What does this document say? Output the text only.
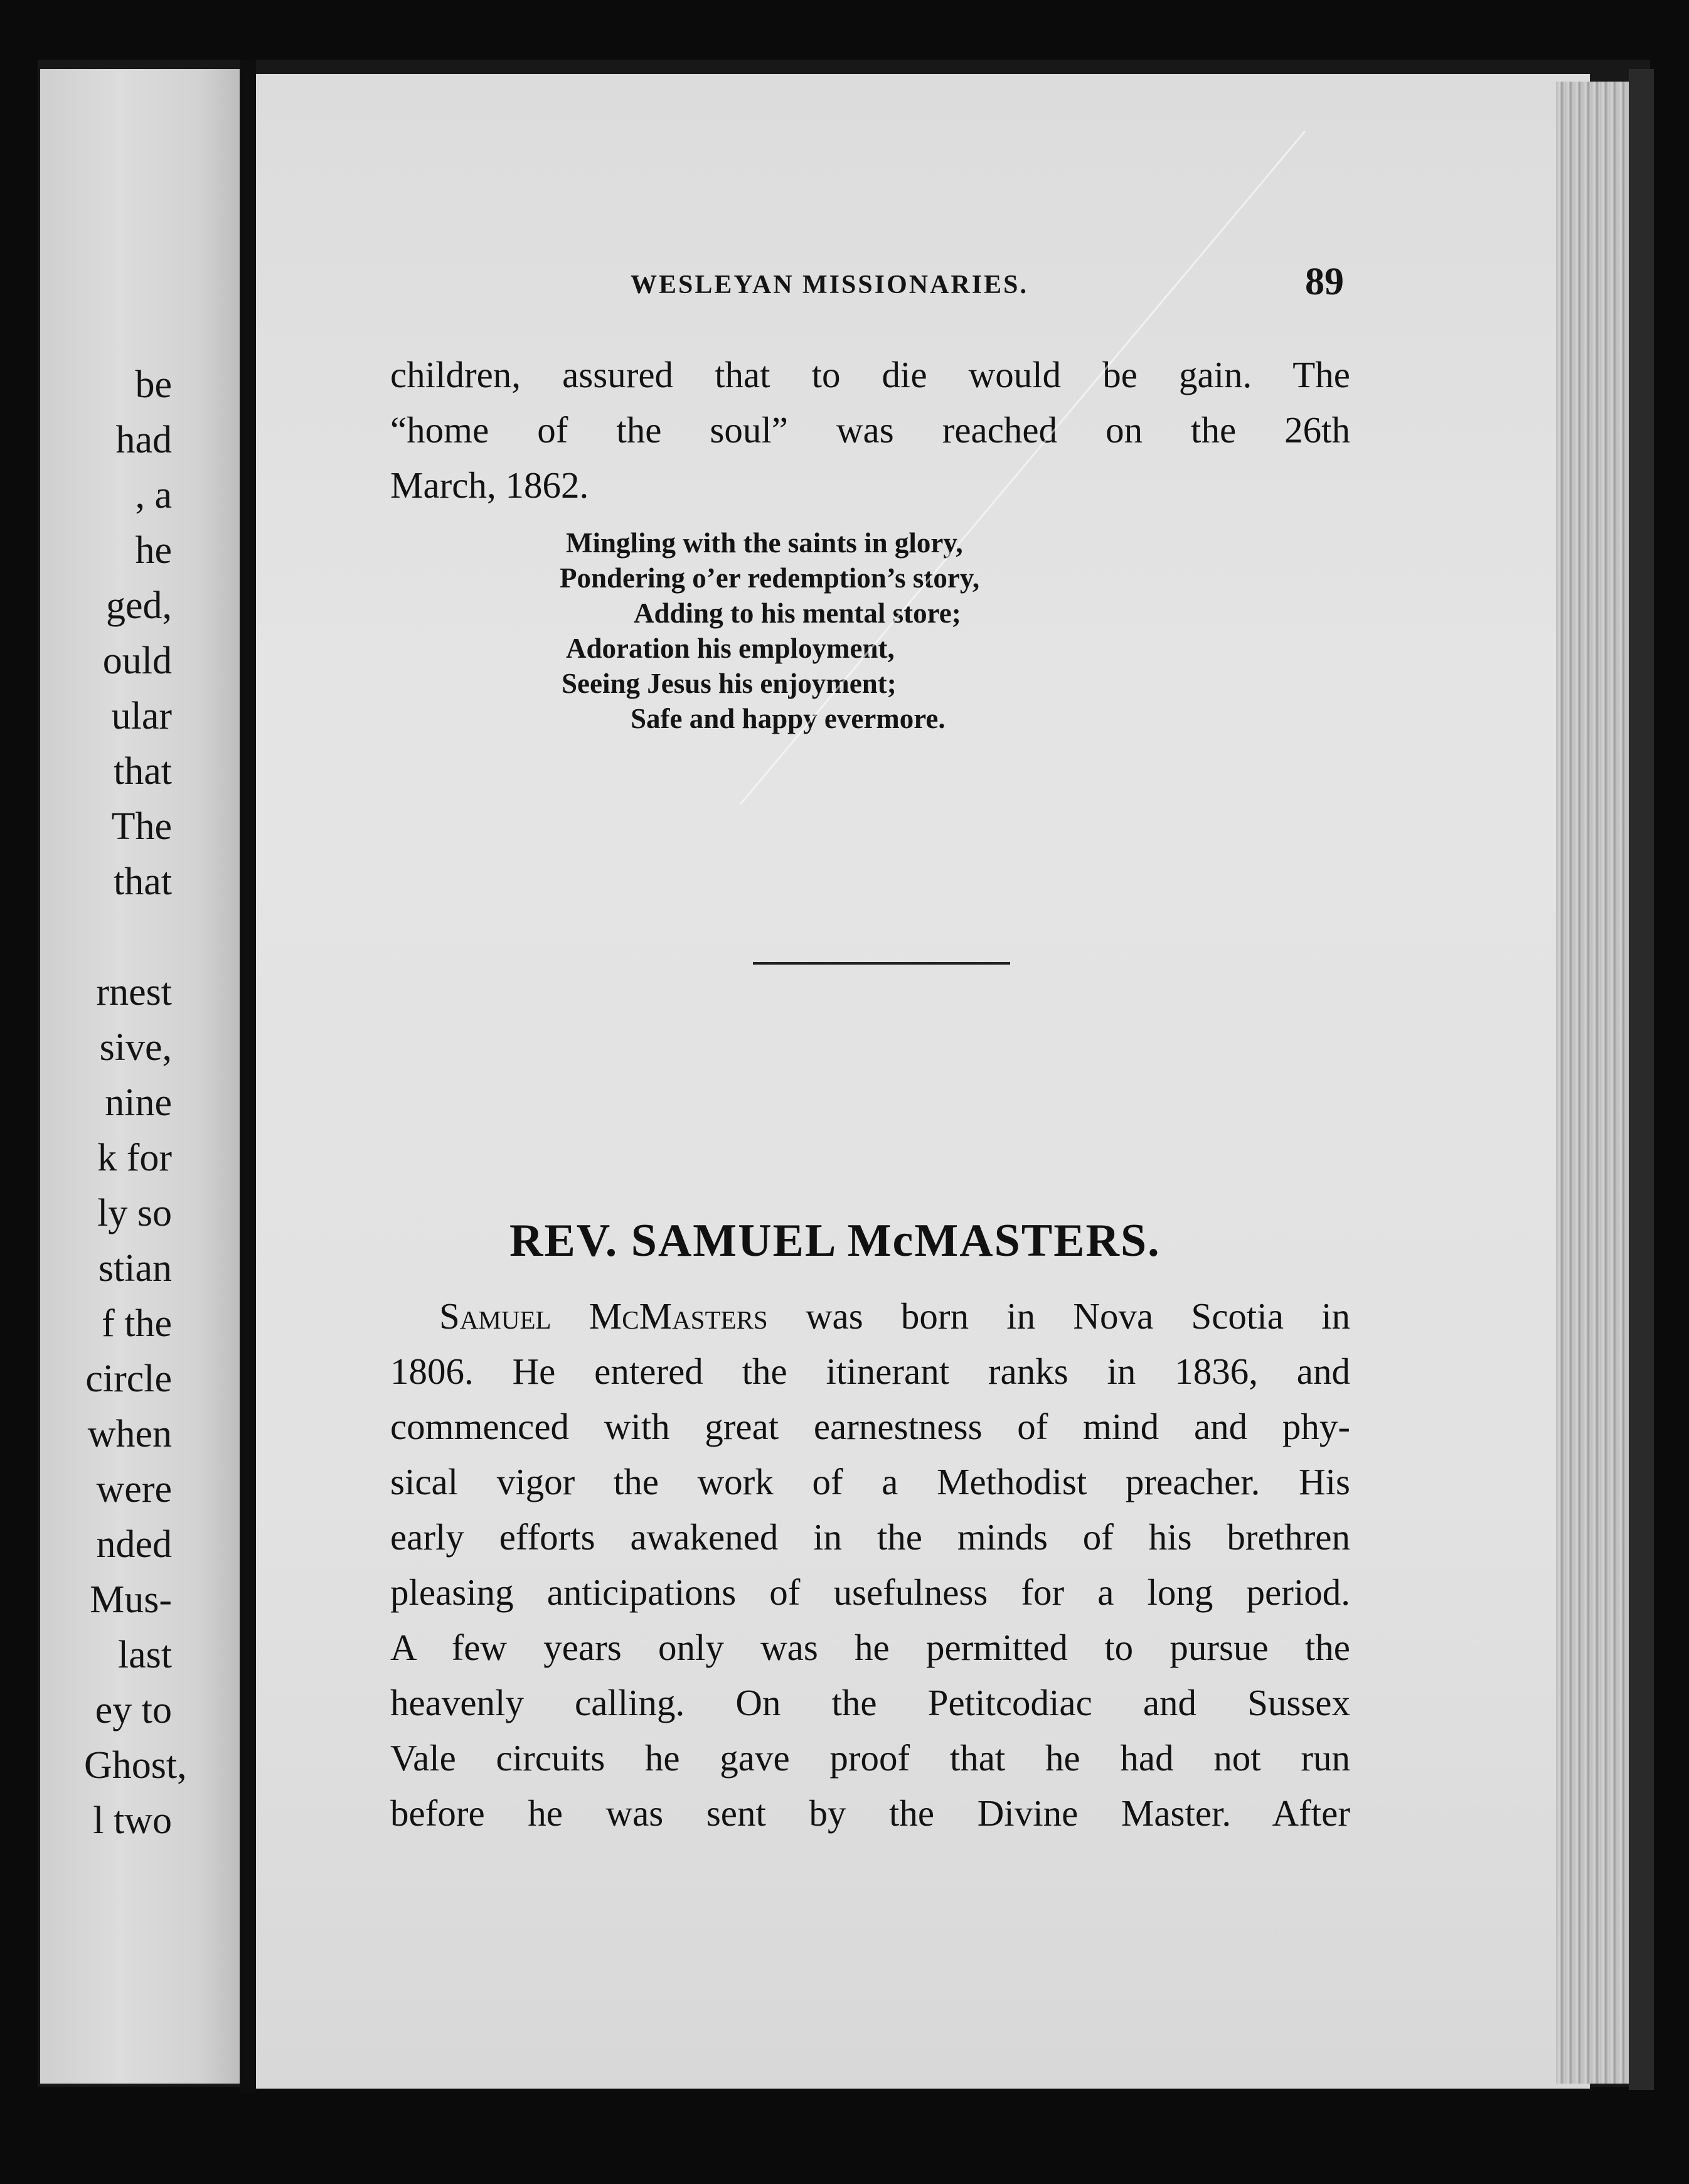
be

had

, a

he

ged,

ould

ular

that

The

that

rnest

sive,

nine

k for

ly so

stian

f the

circle

when

were

nded

Mus-

last

ey to

Ghost,

l two

WESLEYAN MISSIONARIES.	89

children, assured that to die would be gain. The

“home of the soul” was reached on the 26th

March, 1862.

Mingling with the saints in glory,

Pondering o’er redemption’s story,

Adding to his mental store;

Adoration his employment,

Seeing Jesus his enjoyment;

Safe and happy evermore.

REV. SAMUEL McMASTERS.

Samuel McMasters was born in Nova Scotia in

1806. He entered the itinerant ranks in 1836, and

commenced with great earnestness of mind and phy-

sical vigor the work of a Methodist preacher. His

early efforts awakened in the minds of his brethren

pleasing anticipations of usefulness for a long period.

A few years only was he permitted to pursue the

heavenly calling. On the Petitcodiac and Sussex

Vale circuits he gave proof that he had not run

before he was sent by the Divine Master. After
